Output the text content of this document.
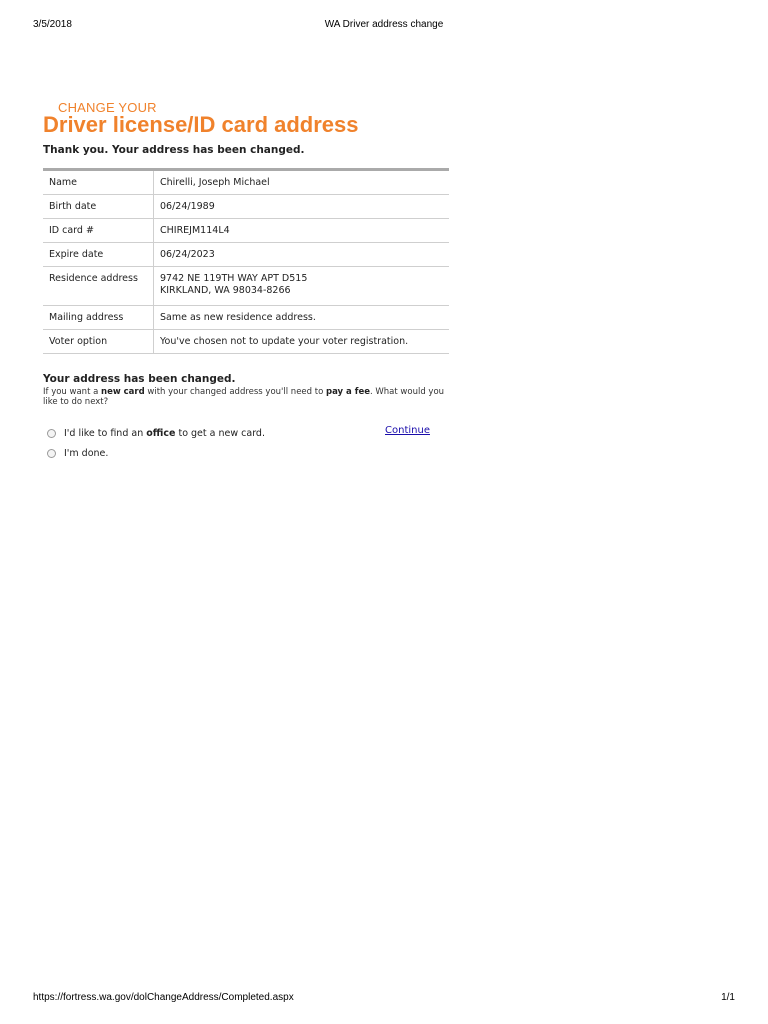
3/5/2018	WA Driver address change
CHANGE YOUR
Driver license/ID card address
Thank you. Your address has been changed.
Name	Chirelli, Joseph Michael
Birth date	06/24/1989
ID card #	CHIREJM114L4
Expire date	06/24/2023
Residence address	9742 NE 119TH WAY APT D515
KIRKLAND, WA 98034-8266

Mailing address	Same as new residence address.
Voter option	You've chosen not to update your voter registration.
Your address has been changed.
If you want a new card with your changed address you'll need to pay a fee. What would you like to do next?
I'd like to find an office to get a new card.
I'm done.
Continue
https://fortress.wa.gov/dolChangeAddress/Completed.aspx	1/1
